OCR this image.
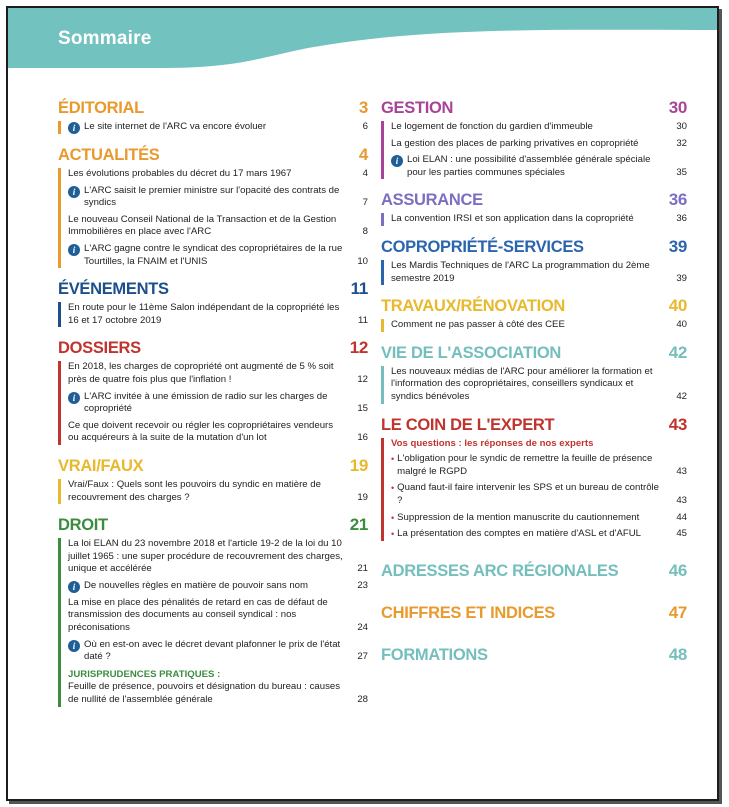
Sommaire
ÉDITORIAL	3
i Le site internet de l'ARC va encore évoluer	6
ACTUALITÉS	4
Les évolutions probables du décret du 17 mars 1967	4
i L'ARC saisit le premier ministre sur l'opacité des contrats de syndics	7
Le nouveau Conseil National de la Transaction et de la Gestion Immobilières en place avec l'ARC	8
i L'ARC gagne contre le syndicat des copropriétaires de la rue Tourtilles, la FNAIM et l'UNIS	10
ÉVÉNEMENTS	11
En route pour le 11ème Salon indépendant de la copropriété les 16 et 17 octobre 2019	11
DOSSIERS	12
En 2018, les charges de copropriété ont augmenté de 5 % soit près de quatre fois plus que l'inflation !	12
i L'ARC invitée à une émission de radio sur les charges de copropriété	15
Ce que doivent recevoir ou régler les copropriétaires vendeurs ou acquéreurs à la suite de la mutation d'un lot	16
VRAI/FAUX	19
Vrai/Faux : Quels sont les pouvoirs du syndic en matière de recouvrement des charges ?	19
DROIT	21
La loi ELAN du 23 novembre 2018 et l'article 19-2 de la loi du 10 juillet 1965 : une super procédure de recouvrement des charges, unique et accélérée	21
i De nouvelles règles en matière de pouvoir sans nom	23
La mise en place des pénalités de retard en cas de défaut de transmission des documents au conseil syndical : nos préconisations	24
i Où en est-on avec le décret devant plafonner le prix de l'état daté ?	27
JURISPRUDENCES PRATIQUES :
Feuille de présence, pouvoirs et désignation du bureau : causes de nullité de l'assemblée générale	28
GESTION	30
Le logement de fonction du gardien d'immeuble	30
La gestion des places de parking privatives en copropriété	32
i Loi ELAN : une possibilité d'assemblée générale spéciale pour les parties communes spéciales	35
ASSURANCE	36
La convention IRSI et son application dans la copropriété	36
COPROPRIÉTÉ-SERVICES	39
Les Mardis Techniques de l'ARC La programmation du 2ème semestre 2019	39
TRAVAUX/RÉNOVATION	40
Comment ne pas passer à côté des CEE	40
VIE DE L'ASSOCIATION	42
Les nouveaux médias de l'ARC pour améliorer la formation et l'information des copropriétaires, conseillers syndicaux et syndics bénévoles	42
LE COIN DE L'EXPERT	43
Vos questions : les réponses de nos experts
• L'obligation pour le syndic de remettre la feuille de présence malgré le RGPD	43
• Quand faut-il faire intervenir les SPS et un bureau de contrôle ?	43
• Suppression de la mention manuscrite du cautionnement	44
• La présentation des comptes en matière d'ASL et d'AFUL	45
ADRESSES ARC RÉGIONALES	46
CHIFFRES ET INDICES	47
FORMATIONS	48
